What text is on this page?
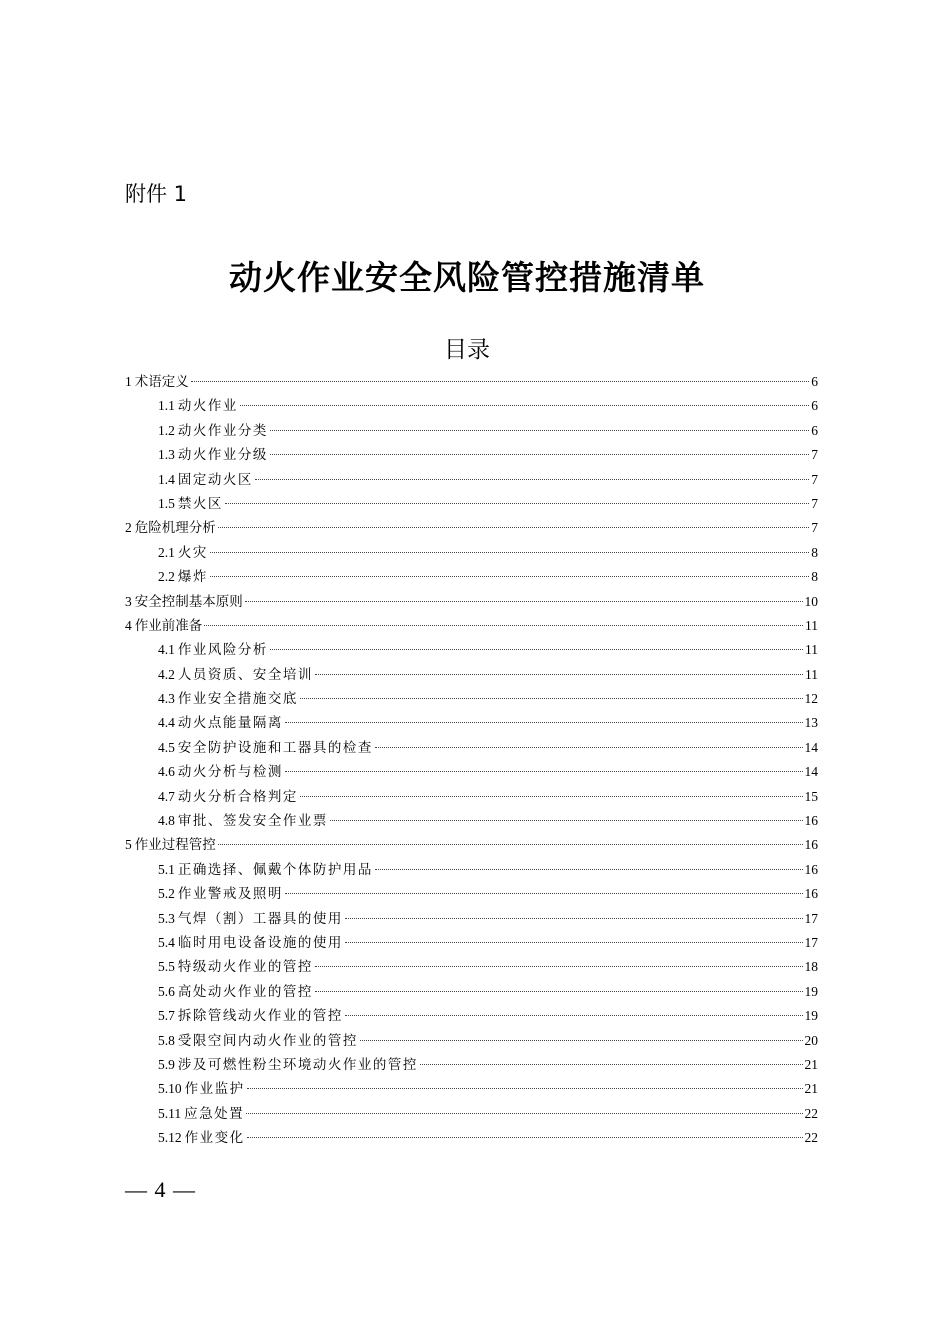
附件 1
动火作业安全风险管控措施清单
目录
1 术语定义	6
1.1 动火作业	6
1.2 动火作业分类	6
1.3 动火作业分级	7
1.4 固定动火区	7
1.5 禁火区	7
2 危险机理分析	7
2.1 火灾	8
2.2 爆炸	8
3 安全控制基本原则	10
4 作业前准备	11
4.1 作业风险分析	11
4.2 人员资质、安全培训	11
4.3 作业安全措施交底	12
4.4 动火点能量隔离	13
4.5 安全防护设施和工器具的检查	14
4.6 动火分析与检测	14
4.7 动火分析合格判定	15
4.8 审批、签发安全作业票	16
5 作业过程管控	16
5.1 正确选择、佩戴个体防护用品	16
5.2 作业警戒及照明	16
5.3 气焊（割）工器具的使用	17
5.4 临时用电设备设施的使用	17
5.5 特级动火作业的管控	18
5.6 高处动火作业的管控	19
5.7 拆除管线动火作业的管控	19
5.8 受限空间内动火作业的管控	20
5.9 涉及可燃性粉尘环境动火作业的管控	21
5.10 作业监护	21
5.11 应急处置	22
5.12 作业变化	22
— 4 —
